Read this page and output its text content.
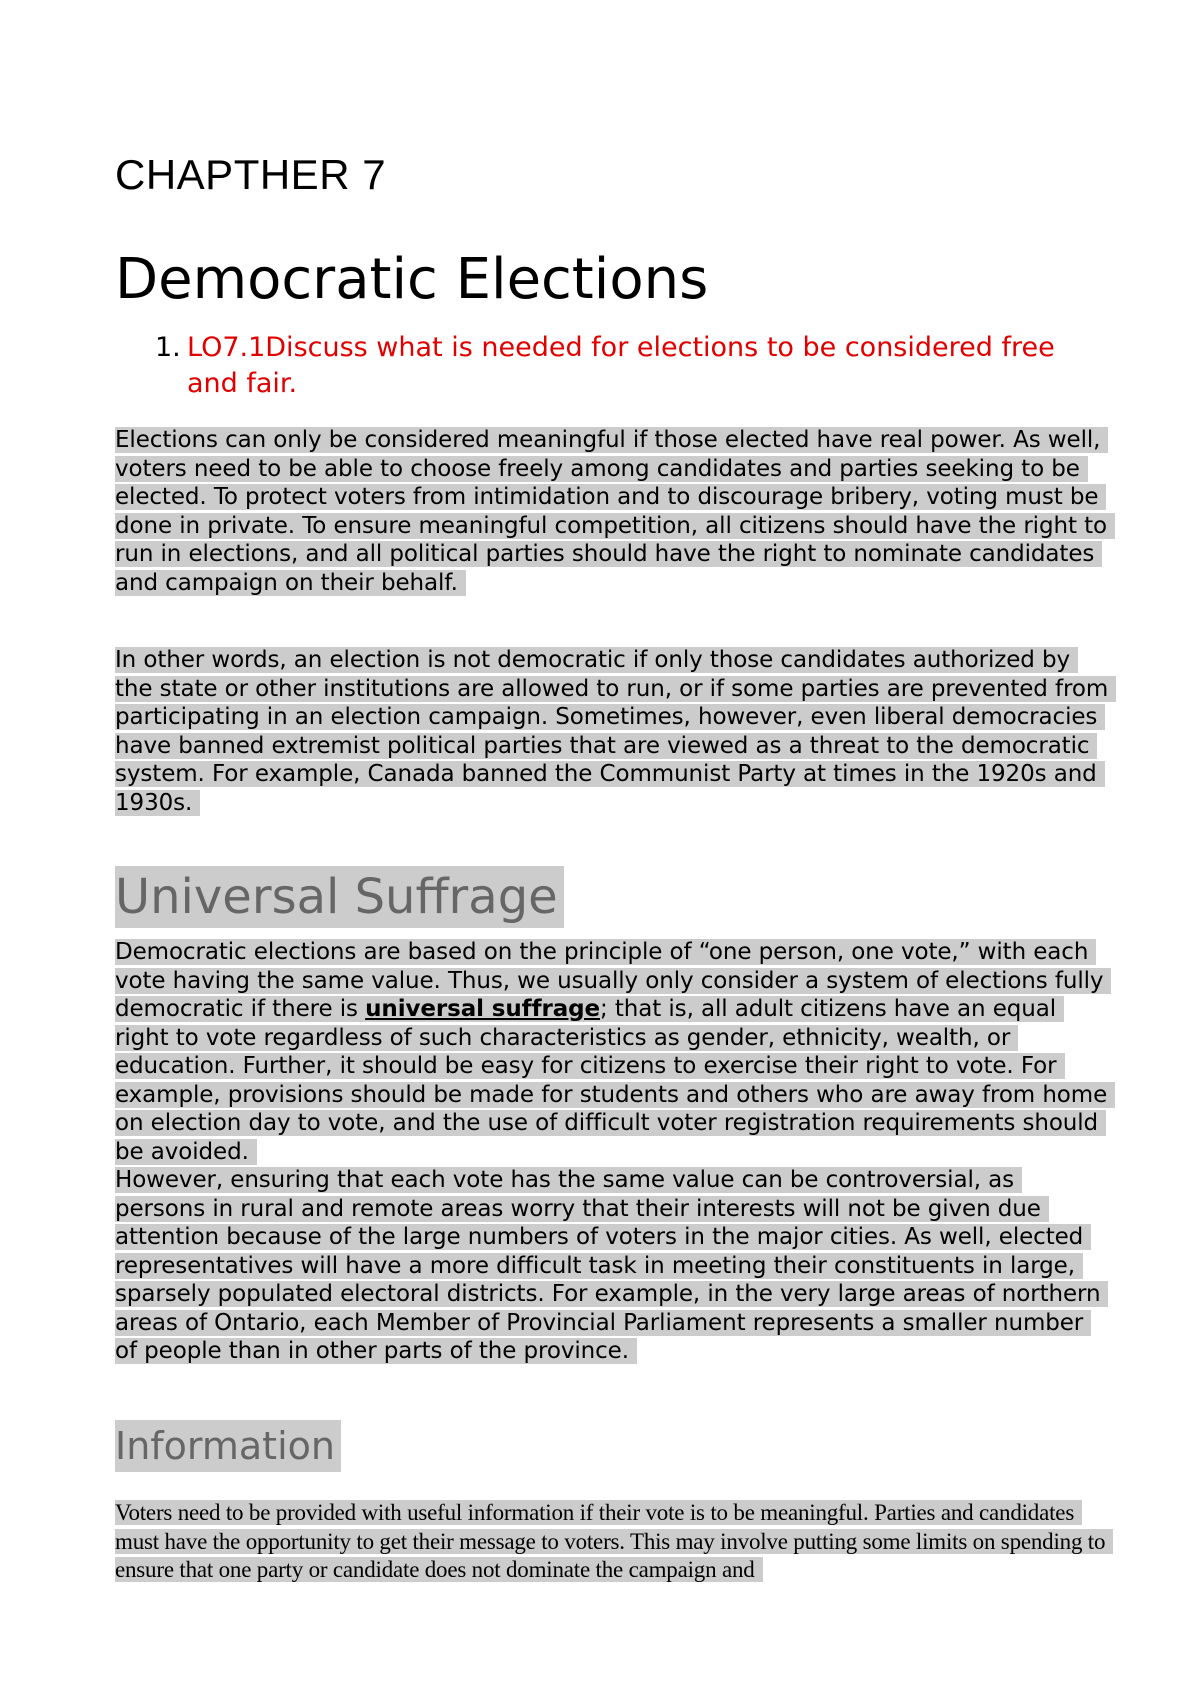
CHAPTHER 7
Democratic Elections
1. LO7.1Discuss what is needed for elections to be considered free and fair.

Elections can only be considered meaningful if those elected have real power. As well, voters need to be able to choose freely among candidates and parties seeking to be elected. To protect voters from intimidation and to discourage bribery, voting must be done in private. To ensure meaningful competition, all citizens should have the right to run in elections, and all political parties should have the right to nominate candidates and campaign on their behalf.

In other words, an election is not democratic if only those candidates authorized by the state or other institutions are allowed to run, or if some parties are prevented from participating in an election campaign. Sometimes, however, even liberal democracies have banned extremist political parties that are viewed as a threat to the democratic system. For example, Canada banned the Communist Party at times in the 1920s and 1930s.

Universal Suffrage

Democratic elections are based on the principle of “one person, one vote,” with each vote having the same value. Thus, we usually only consider a system of elections fully democratic if there is universal suffrage; that is, all adult citizens have an equal right to vote regardless of such characteristics as gender, ethnicity, wealth, or education. Further, it should be easy for citizens to exercise their right to vote. For example, provisions should be made for students and others who are away from home on election day to vote, and the use of difficult voter registration requirements should be avoided.

However, ensuring that each vote has the same value can be controversial, as persons in rural and remote areas worry that their interests will not be given due attention because of the large numbers of voters in the major cities. As well, elected representatives will have a more difficult task in meeting their constituents in large, sparsely populated electoral districts. For example, in the very large areas of northern areas of Ontario, each Member of Provincial Parliament represents a smaller number of people than in other parts of the province.

Information

Voters need to be provided with useful information if their vote is to be meaningful. Parties and candidates must have the opportunity to get their message to voters. This may involve putting some limits on spending to ensure that one party or candidate does not dominate the campaign and
